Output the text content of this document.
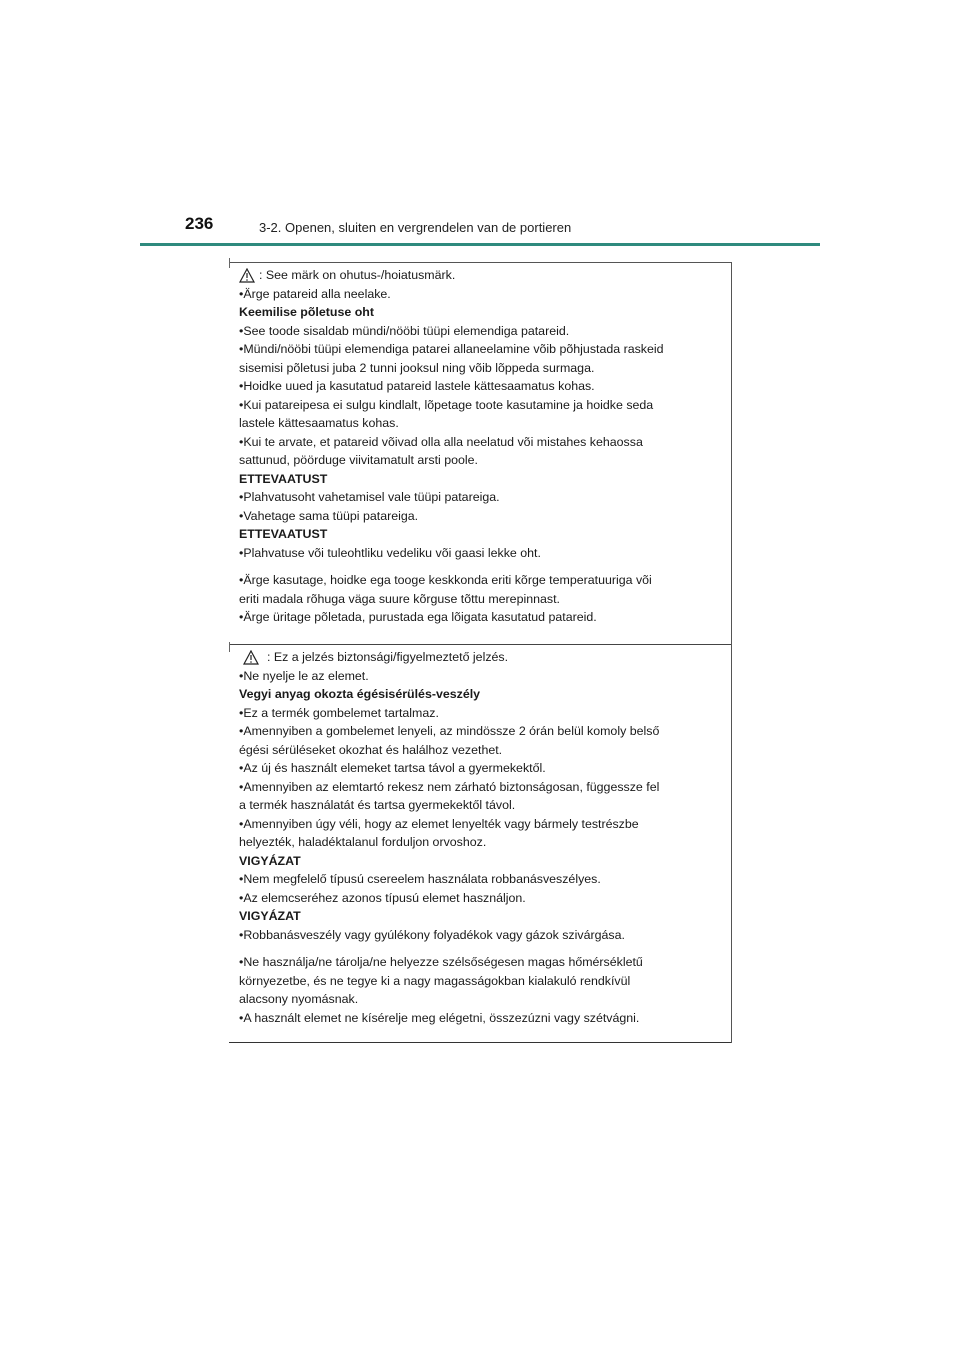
236	3-2. Openen, sluiten en vergrendelen van de portieren
: See märk on ohutus-/hoiatusmärk.
•Ärge patareid alla neelake.
Keemilise põletuse oht
•See toode sisaldab mündi/nööbi tüüpi elemendiga patareid.
•Mündi/nööbi tüüpi elemendiga patarei allaneelamine võib põhjustada raskeid
sisemisi põletusi juba 2 tunni jooksul ning võib lõppeda surmaga.
•Hoidke uued ja kasutatud patareid lastele kättesaamatus kohas.
•Kui patareipesa ei sulgu kindlalt, lõpetage toote kasutamine ja hoidke seda
lastele kättesaamatus kohas.
•Kui te arvate, et patareid võivad olla alla neelatud või mistahes kehaossa
sattunud, pöörduge viivitamatult arsti poole.
ETTEVAATUST
•Plahvatusoht vahetamisel vale tüüpi patareiga.
•Vahetage sama tüüpi patareiga.
ETTEVAATUST
•Plahvatuse või tuleohtliku vedeliku või gaasi lekke oht.
•Ärge kasutage, hoidke ega tooge keskkonda eriti kõrge temperatuuriga või
eriti madala rõhuga väga suure kõrguse tõttu merepinnast.
•Ärge üritage põletada, purustada ega lõigata kasutatud patareid.
: Ez a jelzés biztonsági/figyelmeztető jelzés.
•Ne nyelje le az elemet.
Vegyi anyag okozta égésisérülés-veszély
•Ez a termék gombelemet tartalmaz.
•Amennyiben a gombelemet lenyeli, az mindössze 2 órán belül komoly belső
égési sérüléseket okozhat és halálhoz vezethet.
•Az új és használt elemeket tartsa távol a gyermekektől.
•Amennyiben az elemtartó rekesz nem zárható biztonságosan, függessze fel
a termék használatát és tartsa gyermekektől távol.
•Amennyiben úgy véli, hogy az elemet lenyelték vagy bármely testrészbe
helyezték, haladéktalanul forduljon orvoshoz.
VIGYÁZAT
•Nem megfelelő típusú csereelem használata robbanásveszélyes.
•Az elemcseréhez azonos típusú elemet használjon.
VIGYÁZAT
•Robbanásveszély vagy gyúlékony folyadékok vagy gázok szivárgása.
•Ne használja/ne tárolja/ne helyezze szélsőségesen magas hőmérsékletű
környezetbe, és ne tegye ki a nagy magasságokban kialakuló rendkívül
alacsony nyomásnak.
•A használt elemet ne kísérelje meg elégetni, összezúzni vagy szétvágni.
